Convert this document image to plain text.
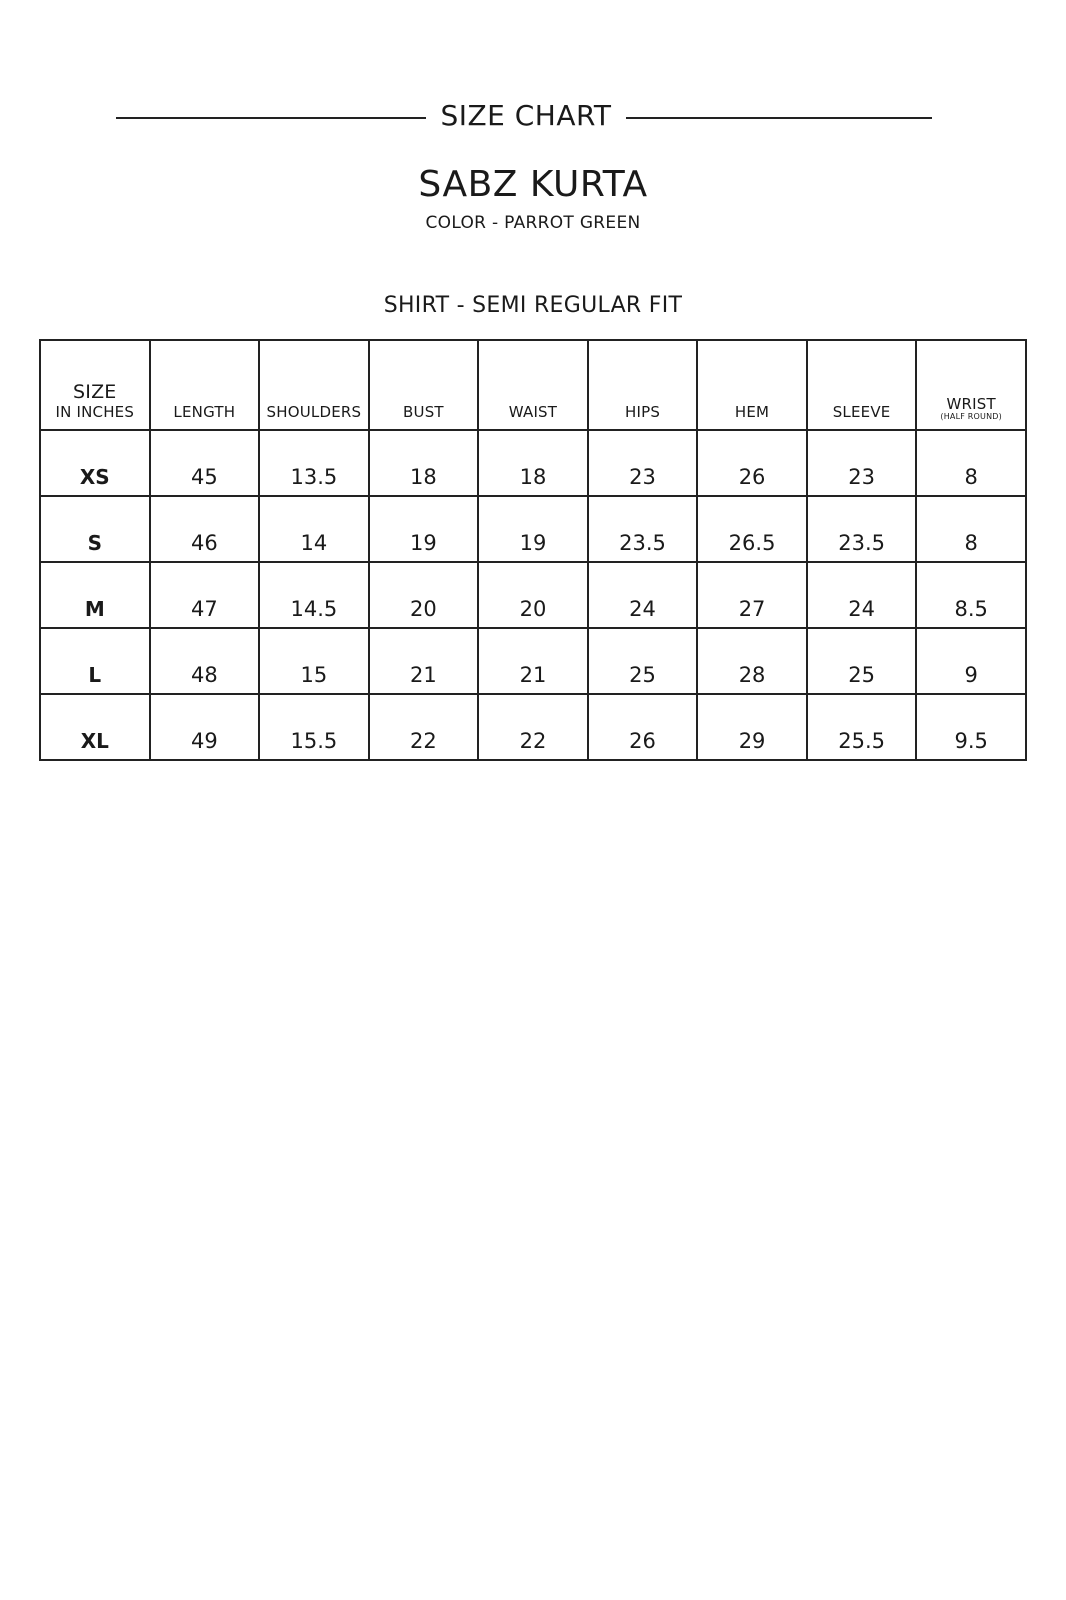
SIZE CHART
SABZ KURTA
COLOR - PARROT GREEN
SHIRT - SEMI REGULAR FIT
SIZE
IN INCHES	LENGTH	SHOULDERS	BUST	WAIST	HIPS	HEM	SLEEVE	WRIST
(HALF ROUND)

XS	45	13.5	18	18	23	26	23	8
S	46	14	19	19	23.5	26.5	23.5	8
M	47	14.5	20	20	24	27	24	8.5
L	48	15	21	21	25	28	25	9
XL	49	15.5	22	22	26	29	25.5	9.5
